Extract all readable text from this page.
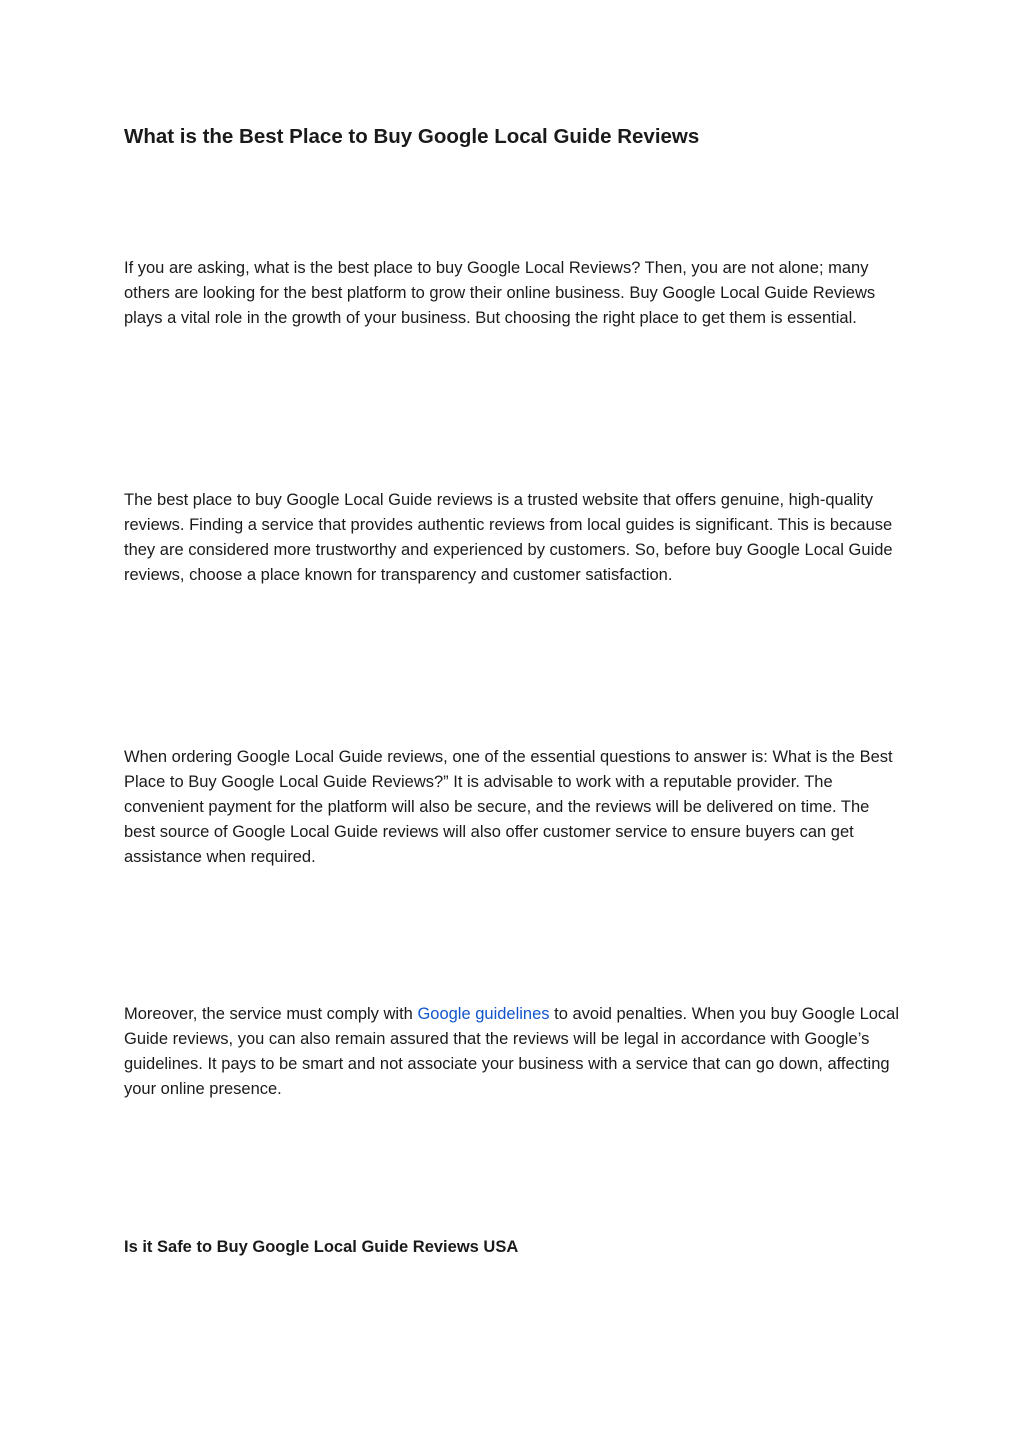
What is the Best Place to Buy Google Local Guide Reviews

If you are asking, what is the best place to buy Google Local Reviews? Then, you are not alone; many others are looking for the best platform to grow their online business. Buy Google Local Guide Reviews plays a vital role in the growth of your business. But choosing the right place to get them is essential.

The best place to buy Google Local Guide reviews is a trusted website that offers genuine, high-quality reviews. Finding a service that provides authentic reviews from local guides is significant. This is because they are considered more trustworthy and experienced by customers. So, before buy Google Local Guide reviews, choose a place known for transparency and customer satisfaction.

When ordering Google Local Guide reviews, one of the essential questions to answer is: What is the Best Place to Buy Google Local Guide Reviews?” It is advisable to work with a reputable provider. The convenient payment for the platform will also be secure, and the reviews will be delivered on time. The best source of Google Local Guide reviews will also offer customer service to ensure buyers can get assistance when required.

Moreover, the service must comply with Google guidelines to avoid penalties. When you buy Google Local Guide reviews, you can also remain assured that the reviews will be legal in accordance with Google’s guidelines. It pays to be smart and not associate your business with a service that can go down, affecting your online presence.

Is it Safe to Buy Google Local Guide Reviews USA
